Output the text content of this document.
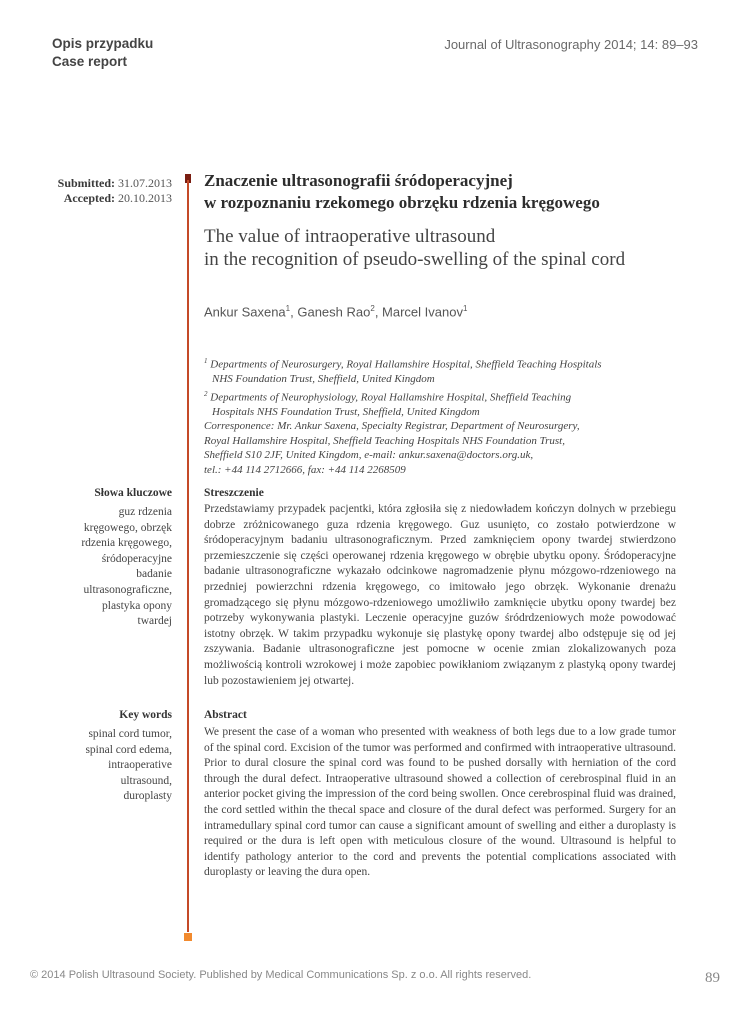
Opis przypadku
Case report
Journal of Ultrasonography 2014; 14: 89–93
Submitted: 31.07.2013
Accepted: 20.10.2013
Znaczenie ultrasonografii śródoperacyjnej
w rozpoznaniu rzekomego obrzęku rdzenia kręgowego
The value of intraoperative ultrasound
in the recognition of pseudo-swelling of the spinal cord
Ankur Saxena$^1$, Ganesh Rao$^2$, Marcel Ivanov$^1$

$^1$ Departments of Neurosurgery, Royal Hallamshire Hospital, Sheffield Teaching Hospitals

NHS Foundation Trust, Sheffield, United Kingdom

$^2$ Departments of Neurophysiology, Royal Hallamshire Hospital, Sheffield Teaching

Hospitals NHS Foundation Trust, Sheffield, United Kingdom

Corresponence: Mr. Ankur Saxena, Specialty Registrar, Department of Neurosurgery,

Royal Hallamshire Hospital, Sheffield Teaching Hospitals NHS Foundation Trust,

Sheffield S10 2JF, United Kingdom, e-mail: ankur.saxena@doctors.org.uk,

tel.: +44 114 2712666, fax: +44 114 2268509

Słowa kluczowe
guz rdzenia
kręgowego, obrzęk
rdzenia kręgowego,
śródoperacyjne
badanie
ultrasonograficzne,
plastyka opony
twardej
Streszczenie
Przedstawiamy przypadek pacjentki, która zgłosiła się z niedowładem kończyn dolnych w przebiegu dobrze zróżnicowanego guza rdzenia kręgowego. Guz usunięto, co zostało potwierdzone w śródoperacyjnym badaniu ultrasonograficznym. Przed zamknięciem opony twardej stwierdzono przemieszczenie się części operowanej rdzenia kręgowego w obrębie ubytku opony. Śródoperacyjne badanie ultrasonograficzne wykazało odcinkowe nagromadzenie płynu mózgowo-rdzeniowego na przedniej powierzchni rdzenia kręgowego, co imitowało jego obrzęk. Wykonanie drenażu gromadzącego się płynu mózgowo-rdzeniowego umożliwiło zamknięcie ubytku opony twardej bez potrzeby wykonywania plastyki. Leczenie operacyjne guzów śródrdzeniowych może powodować istotny obrzęk. W takim przypadku wykonuje się plastykę opony twardej albo odstępuje się od jej zszywania. Badanie ultrasonograficzne jest pomocne w ocenie zmian zlokalizowanych poza możliwością kontroli wzrokowej i może zapobiec powikłaniom związanym z plastyką opony twardej lub pozostawieniem jej otwartej.
Key words
spinal cord tumor,
spinal cord edema,
intraoperative
ultrasound,
duroplasty
Abstract
We present the case of a woman who presented with weakness of both legs due to a low grade tumor of the spinal cord. Excision of the tumor was performed and confirmed with intraoperative ultrasound. Prior to dural closure the spinal cord was found to be pushed dorsally with herniation of the cord through the dural defect. Intraoperative ultrasound showed a collection of cerebrospinal fluid in an anterior pocket giving the impression of the cord being swollen. Once cerebrospinal fluid was drained, the cord settled within the thecal space and closure of the dural defect was performed. Surgery for an intramedullary spinal cord tumor can cause a significant amount of swelling and either a duroplasty is required or the dura is left open with meticulous closure of the wound. Ultrasound is helpful to identify pathology anterior to the cord and prevents the potential complications associated with duroplasty or leaving the dura open.
© 2014 Polish Ultrasound Society. Published by Medical Communications Sp. z o.o. All rights reserved.	89
